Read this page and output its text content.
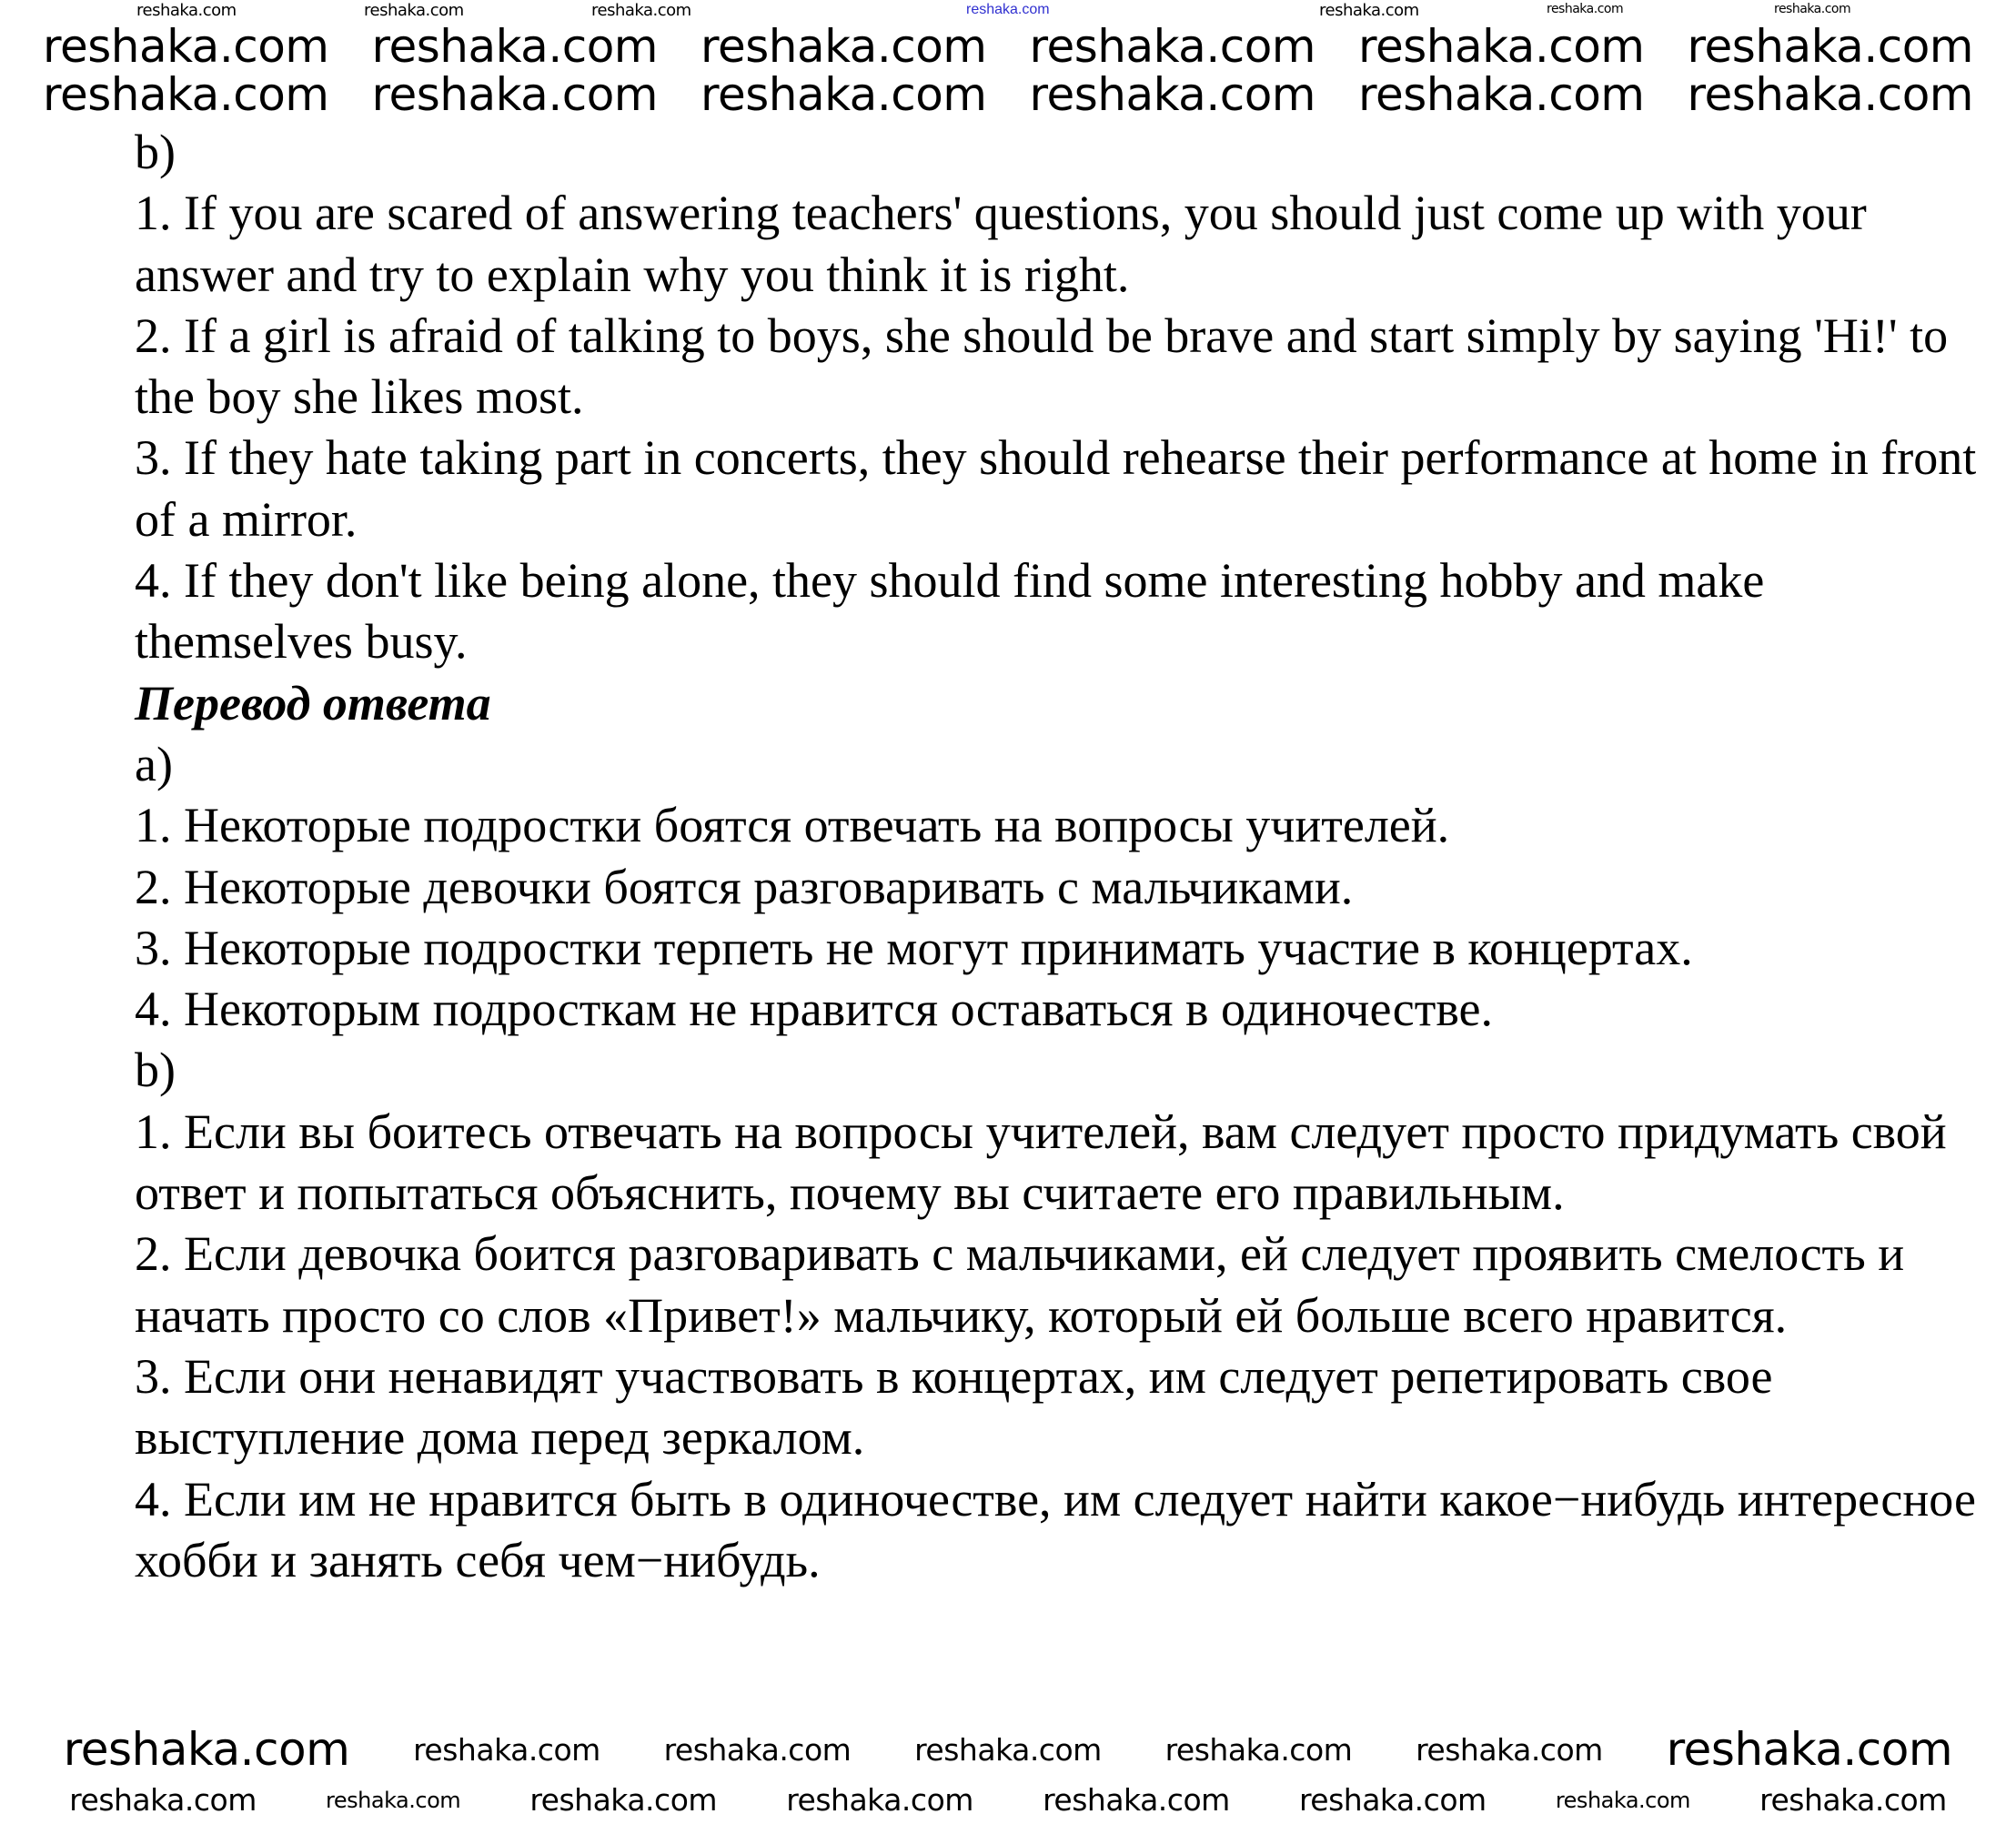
reshaka.com
reshaka.com	reshaka.com	reshaka.com	reshaka.com	reshaka.com	reshaka.com
reshaka.com reshaka.com reshaka.com reshaka.com reshaka.com reshaka.com
reshaka.com reshaka.com reshaka.com reshaka.com reshaka.com reshaka.com

b)

1. If you are scared of answering teachers' questions, you should just come up with your answer and try to explain why you think it is right.

2. If a girl is afraid of talking to boys, she should be brave and start simply by saying 'Hi!' to the boy she likes most.

3. If they hate taking part in concerts, they should rehearse their performance at home in front of a mirror.

4. If they don't like being alone, they should find some interesting hobby and make themselves busy.

Перевод ответа

а)

1. Некоторые подростки боятся отвечать на вопросы учителей.

2. Некоторые девочки боятся разговаривать с мальчиками.

3. Некоторые подростки терпеть не могут принимать участие в концертах.

4. Некоторым подросткам не нравится оставаться в одиночестве.

b)

1. Если вы боитесь отвечать на вопросы учителей, вам следует просто придумать свой ответ и попытаться объяснить, почему вы считаете его правильным.

2. Если девочка боится разговаривать с мальчиками, ей следует проявить смелость и начать просто со слов «Привет!» мальчику, который ей больше всего нравится.

3. Если они ненавидят участвовать в концертах, им следует репетировать свое выступление дома перед зеркалом.

4. Если им не нравится быть в одиночестве, им следует найти какое−нибудь интересное хобби и занять себя чем−нибудь.

reshaka.com reshaka.com reshaka.com reshaka.com reshaka.com reshaka.com reshaka.com
reshaka.com	reshaka.com reshaka.com reshaka.com reshaka.com reshaka.com	reshaka.com reshaka.com
